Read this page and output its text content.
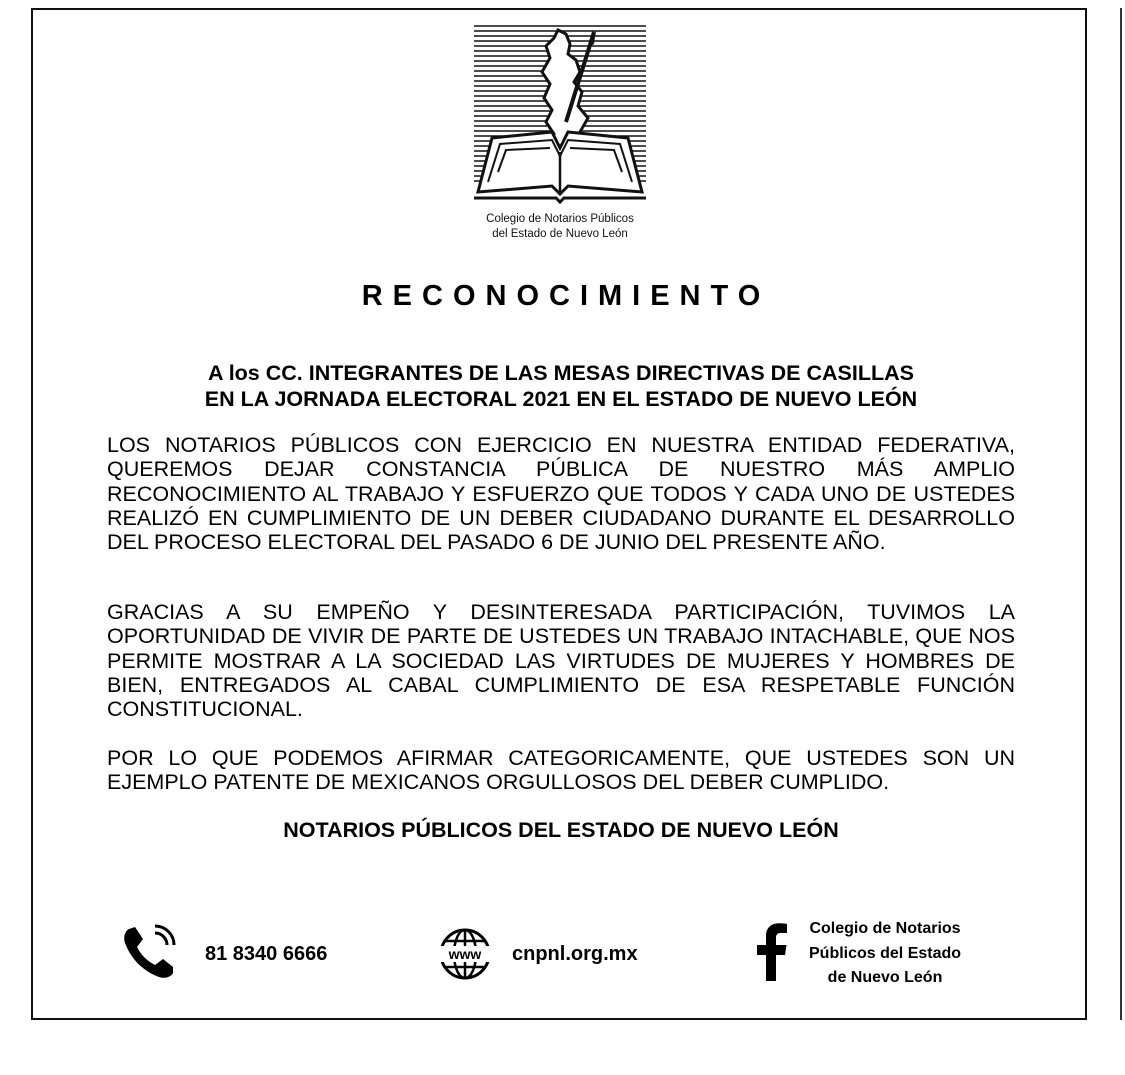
Colegio de Notarios Públicos
del Estado de Nuevo León
RECONOCIMIENTO
A los CC. INTEGRANTES DE LAS MESAS DIRECTIVAS DE CASILLAS
EN LA JORNADA ELECTORAL 2021 EN EL ESTADO DE NUEVO LEÓN

LOS NOTARIOS PÚBLICOS CON EJERCICIO EN NUESTRA ENTIDAD FEDERATIVA, QUEREMOS DEJAR CONSTANCIA PÚBLICA DE NUESTRO MÁS AMPLIO RECONOCIMIENTO AL TRABAJO Y ESFUERZO QUE TODOS Y CADA UNO DE USTEDES REALIZÓ EN CUMPLIMIENTO DE UN DEBER CIUDADANO DURANTE EL DESARROLLO DEL PROCESO ELECTORAL DEL PASADO 6 DE JUNIO DEL PRESENTE AÑO.

GRACIAS A SU EMPEÑO Y DESINTERESADA PARTICIPACIÓN, TUVIMOS LA OPORTUNIDAD DE VIVIR DE PARTE DE USTEDES UN TRABAJO INTACHABLE, QUE NOS PERMITE MOSTRAR A LA SOCIEDAD LAS VIRTUDES DE MUJERES Y HOMBRES DE BIEN, ENTREGADOS AL CABAL CUMPLIMIENTO DE ESA RESPETABLE FUNCIÓN CONSTITUCIONAL.

POR LO QUE PODEMOS AFIRMAR CATEGORICAMENTE, QUE USTEDES SON UN EJEMPLO PATENTE DE MEXICANOS ORGULLOSOS DEL DEBER CUMPLIDO.

NOTARIOS PÚBLICOS DEL ESTADO DE NUEVO LEÓN
81 8340 6666	www cnpnl.org.mx
Colegio de Notarios
Públicos del Estado
de Nuevo León
